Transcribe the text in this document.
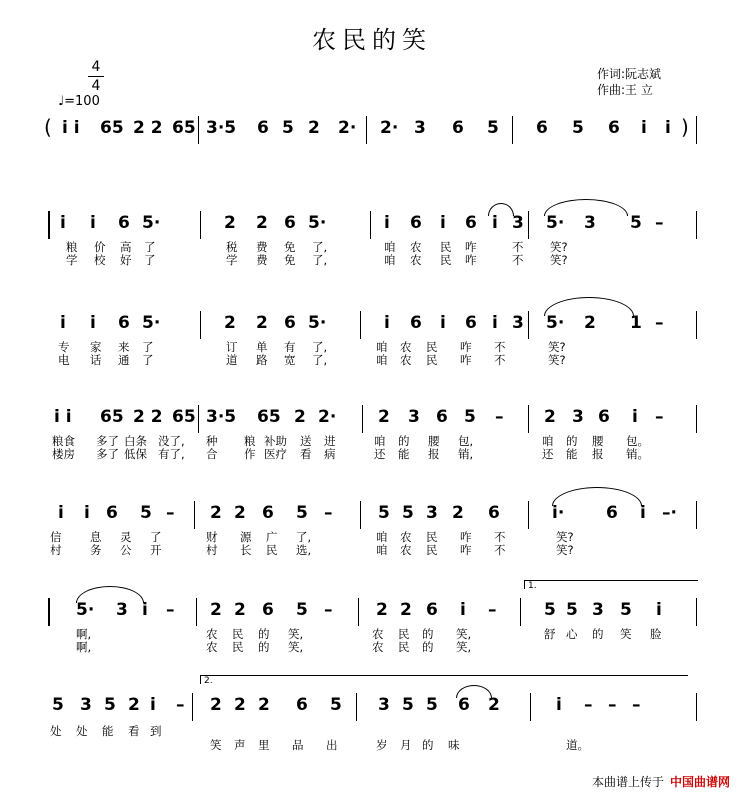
农民的笑
4
4
♩=100
作词:阮志斌
作曲:王 立
( i i 65 2 2 65 3·5 6 5 2 2· 2· 3 6 5 6 5 6 i i )
i i 6 5·	2 2 6 5·	i 6 i 6 i 3 5· 3 5 –
粮 价 高 了	税 费 免 了,	咱 农 民 咋	不 笑?
学 校 好 了	学 费 免 了,	咱 农 民 咋	不 笑?
i i 6 5·	2 2 6 5·	i 6 i 6 i 3 5· 2 1 –
专 家 来 了	订 单 有 了,	咱 农 民 咋 不	笑?
电 话 通 了	道 路 宽 了,	咱 农 民 咋 不	笑?
i i 65 2 2 65 3·5 65 2 2· 2 3 6 5 – 2 3 6 i –
粮食 多了 白条 没了, 种 粮 补助 送 进	咱 的 腰 包,	咱 的 腰 包。
楼房 多了 低保 有了, 合 作 医疗 看 病	还 能 报 销,	还 能 报 销。
i i 6 5 – 2 2 6 5 –	5 5 3 2 6	i· 6 i –·
信 息 灵 了	财 源 广 了,	咱 农 民 咋 不	笑?
村 务 公 开	村 长 民 选,	咱 农 民 咋 不	笑?
5· 3 i – 2 2 6 5 –	2 2 6 i –	5 5 3 5 i
1.
啊,	农 民 的 笑,	农 民 的 笑,	舒 心 的 笑 脸
啊,	农 民 的 笑,	农 民 的 笑,
5 3 5 2 i – 2 2 2 6 5 3 5 5 6 2	i – – –
2.
处 处 能 看 到
笑 声 里 品 出	岁 月 的 味	道。
本曲谱上传于 中国曲谱网
